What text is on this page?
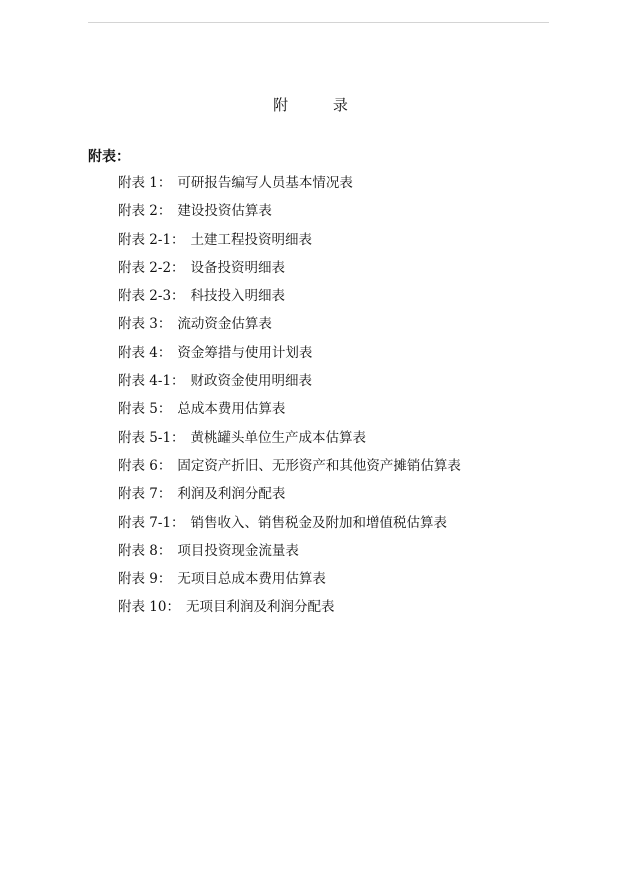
附 录
附表：
附表 1： 可研报告编写人员基本情况表
附表 2： 建设投资估算表
附表 2-1： 土建工程投资明细表
附表 2-2： 设备投资明细表
附表 2-3： 科技投入明细表
附表 3： 流动资金估算表
附表 4： 资金筹措与使用计划表
附表 4-1： 财政资金使用明细表
附表 5： 总成本费用估算表
附表 5-1： 黄桃罐头单位生产成本估算表
附表 6： 固定资产折旧、无形资产和其他资产摊销估算表
附表 7： 利润及利润分配表
附表 7-1： 销售收入、销售税金及附加和增值税估算表
附表 8： 项目投资现金流量表
附表 9： 无项目总成本费用估算表
附表 10： 无项目利润及利润分配表
